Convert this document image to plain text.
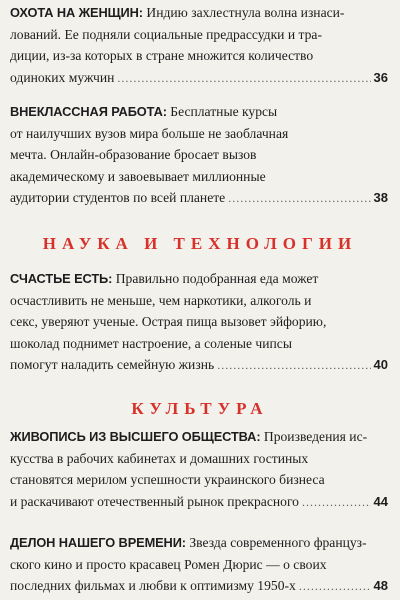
ОХОТА НА ЖЕНЩИН: Индию захлестнула волна изнаси-
лований. Ее подняли социальные предрассудки и тра-
диции, из-за которых в стране множится количество
одиноких мужчин .....	36
ВНЕКЛАССНАЯ РАБОТА: Бесплатные курсы
от наилучших вузов мира больше не заоблачная
мечта. Онлайн-образование бросает вызов
академическому и завоевывает миллионные
аудитории студентов по всей планете .....	38
НАУКА И ТЕХНОЛОГИИ
СЧАСТЬЕ ЕСТЬ: Правильно подобранная еда может
осчастливить не меньше, чем наркотики, алкоголь и
секс, уверяют ученые. Острая пища вызовет эйфорию,
шоколад поднимет настроение, а соленые чипсы
помогут наладить семейную жизнь .....	40
КУЛЬТУРА
ЖИВОПИСЬ ИЗ ВЫСШЕГО ОБЩЕСТВА: Произведения ис-
кусства в рабочих кабинетах и домашних гостиных
становятся мерилом успешности украинского бизнеса
и раскачивают отечественный рынок прекрасного .....	44
ДЕЛОН НАШЕГО ВРЕМЕНИ: Звезда современного француз-
ского кино и просто красавец Ромен Дюрис — о своих
последних фильмах и любви к оптимизму 1950-х .....	48
